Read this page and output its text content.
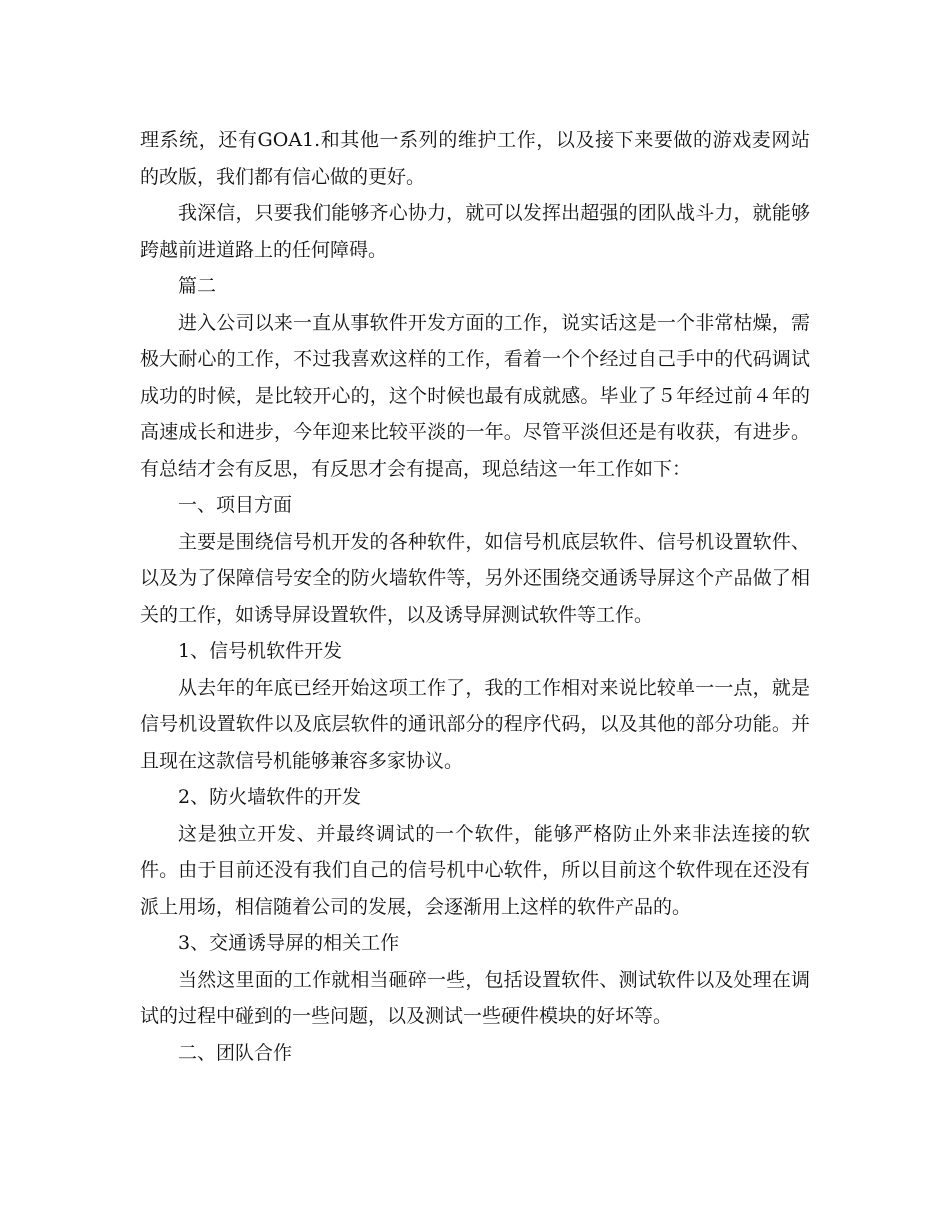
理系统，还有GOA1.和其他一系列的维护工作，以及接下来要做的游戏麦网站的改版，我们都有信心做的更好。

我深信，只要我们能够齐心协力，就可以发挥出超强的团队战斗力，就能够跨越前进道路上的任何障碍。

篇二

进入公司以来一直从事软件开发方面的工作，说实话这是一个非常枯燥，需极大耐心的工作，不过我喜欢这样的工作，看着一个个经过自己手中的代码调试成功的时候，是比较开心的，这个时候也最有成就感。毕业了５年经过前４年的高速成长和进步，今年迎来比较平淡的一年。尽管平淡但还是有收获，有进步。有总结才会有反思，有反思才会有提高，现总结这一年工作如下：

一、项目方面

主要是围绕信号机开发的各种软件，如信号机底层软件、信号机设置软件、以及为了保障信号安全的防火墙软件等，另外还围绕交通诱导屏这个产品做了相关的工作，如诱导屏设置软件，以及诱导屏测试软件等工作。

1、信号机软件开发

从去年的年底已经开始这项工作了，我的工作相对来说比较单一一点，就是信号机设置软件以及底层软件的通讯部分的程序代码，以及其他的部分功能。并且现在这款信号机能够兼容多家协议。

2、防火墙软件的开发

这是独立开发、并最终调试的一个软件，能够严格防止外来非法连接的软件。由于目前还没有我们自己的信号机中心软件，所以目前这个软件现在还没有派上用场，相信随着公司的发展，会逐渐用上这样的软件产品的。

3、交通诱导屏的相关工作

当然这里面的工作就相当砸碎一些，包括设置软件、测试软件以及处理在调试的过程中碰到的一些问题，以及测试一些硬件模块的好坏等。

二、团队合作
